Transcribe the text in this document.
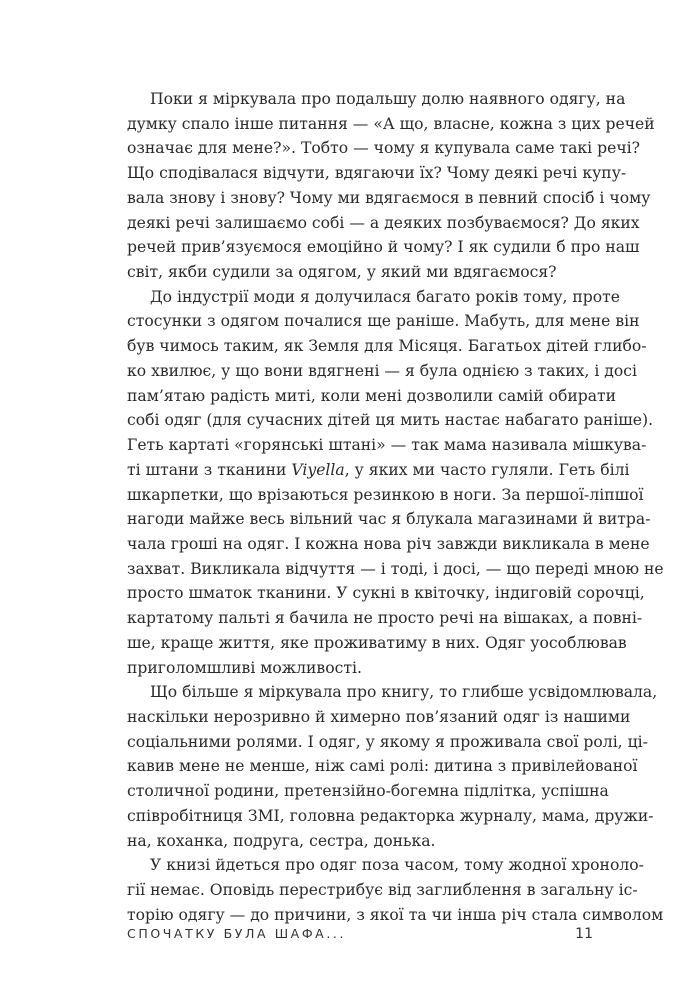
Поки я міркувала про подальшу долю наявного одягу, на
думку спало інше питання — «А що, власне, кожна з цих речей
означає для мене?». Тобто — чому я купувала саме такі речі?
Що сподівалася відчути, вдягаючи їх? Чому деякі речі купу-
вала знову і знову? Чому ми вдягаємося в певний спосіб і чому
деякі речі залишаємо собі — а деяких позбуваємося? До яких
речей прив’язуємося емоційно й чому? І як судили б про наш
світ, якби судили за одягом, у який ми вдягаємося?
До індустрії моди я долучилася багато років тому, проте
стосунки з одягом почалися ще раніше. Мабуть, для мене він
був чимось таким, як Земля для Місяця. Багатьох дітей глибо-
ко хвилює, у що вони вдягнені — я була однією з таких, і досі
пам’ятаю радість миті, коли мені дозволили самій обирати
собі одяг (для сучасних дітей ця мить настає набагато раніше).
Геть картаті «горянські штані» — так мама називала мішкува-
ті штани з тканини Viyella, у яких ми часто гуляли. Геть білі
шкарпетки, що врізаються резинкою в ноги. За першої-ліпшої
нагоди майже весь вільний час я блукала магазинами й витра-
чала гроші на одяг. І кожна нова річ завжди викликала в мене
захват. Викликала відчуття — і тоді, і досі, — що переді мною не
просто шматок тканини. У сукні в квіточку, індиговій сорочці,
картатому пальті я бачила не просто речі на вішаках, а повні-
ше, краще життя, яке проживатиму в них. Одяг уособлював
приголомшливі можливості.
Що більше я міркувала про книгу, то глибше усвідомлювала,
наскільки нерозривно й химерно пов’язаний одяг із нашими
соціальними ролями. І одяг, у якому я проживала свої ролі, ці-
кавив мене не менше, ніж самі ролі: дитина з привілейованої
столичної родини, претензійно-богемна підлітка, успішна
співробітниця ЗМІ, головна редакторка журналу, мама, дружи-
на, коханка, подруга, сестра, донька.
У книзі йдеться про одяг поза часом, тому жодної хроноло-
гії немає. Оповідь перестрибує від заглиблення в загальну іс-
торію одягу — до причини, з якої та чи інша річ стала символом
СПОЧАТКУ БУЛА ШАФА...	11
